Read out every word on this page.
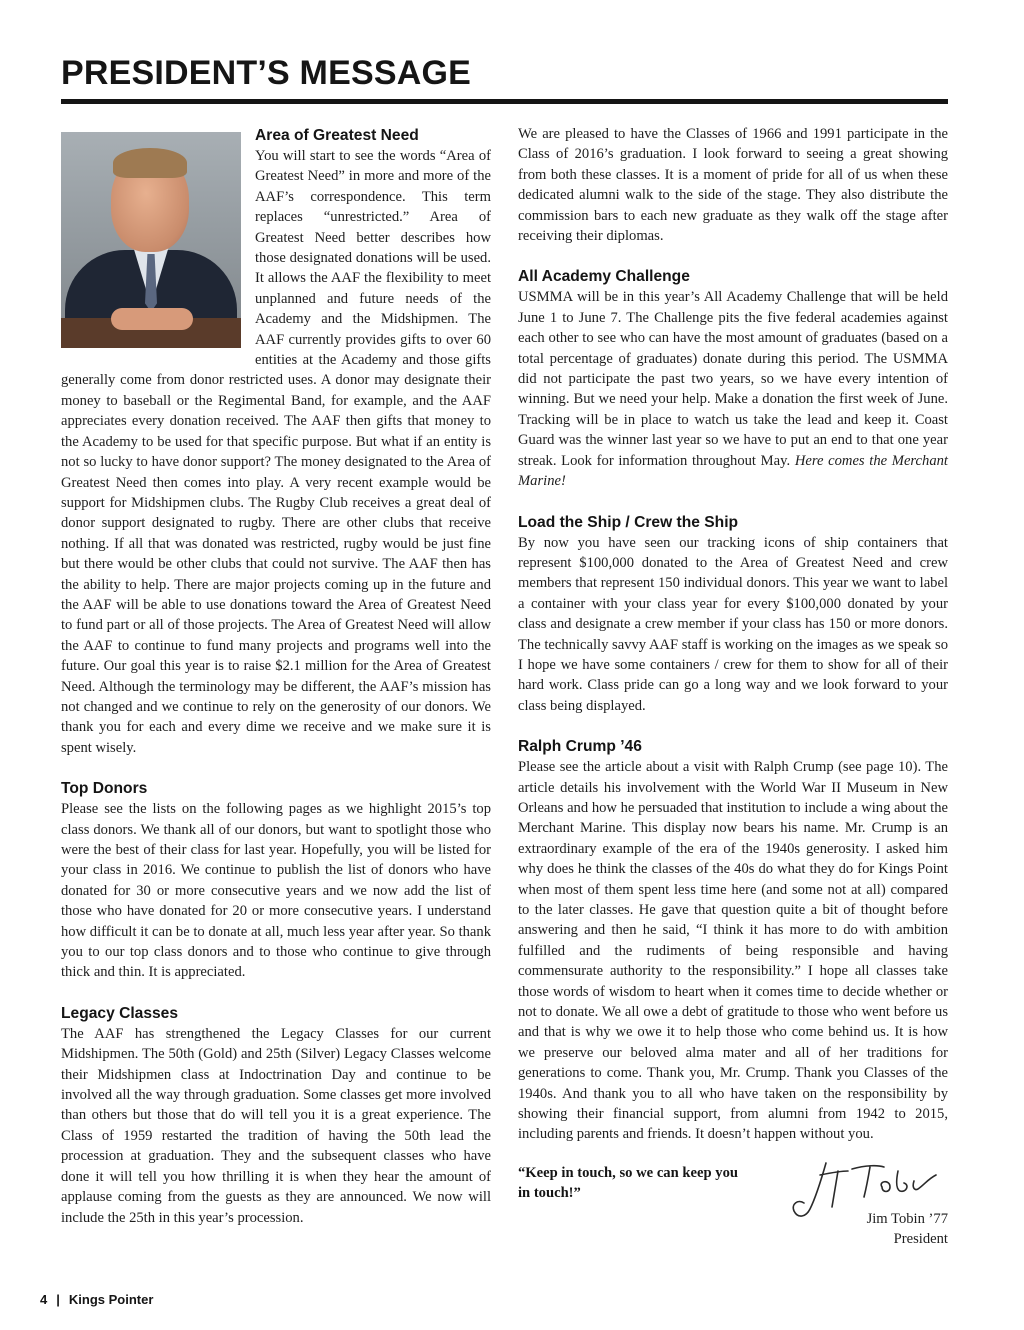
PRESIDENT’S MESSAGE
Area of Greatest Need

You will start to see the words “Area of Greatest Need” in more and more of the AAF’s correspondence. This term replaces “unrestricted.” Area of Greatest Need better describes how those designated donations will be used. It allows the AAF the flexibility to meet unplanned and future needs of the Academy and the Midshipmen. The AAF currently provides gifts to over 60 entities at the Academy and those gifts generally come from donor restricted uses. A donor may designate their money to baseball or the Regimental Band, for example, and the AAF appreciates every donation received. The AAF then gifts that money to the Academy to be used for that specific purpose. But what if an entity is not so lucky to have donor support? The money designated to the Area of Greatest Need then comes into play. A very recent example would be support for Midshipmen clubs. The Rugby Club receives a great deal of donor support designated to rugby. There are other clubs that receive nothing. If all that was donated was restricted, rugby would be just fine but there would be other clubs that could not survive. The AAF then has the ability to help. There are major projects coming up in the future and the AAF will be able to use donations toward the Area of Greatest Need to fund part or all of those projects. The Area of Greatest Need will allow the AAF to continue to fund many projects and programs well into the future. Our goal this year is to raise $2.1 million for the Area of Greatest Need. Although the terminology may be different, the AAF’s mission has not changed and we continue to rely on the generosity of our donors. We thank you for each and every dime we receive and we make sure it is spent wisely.

Top Donors

Please see the lists on the following pages as we highlight 2015’s top class donors. We thank all of our donors, but want to spotlight those who were the best of their class for last year. Hopefully, you will be listed for your class in 2016. We continue to publish the list of donors who have donated for 30 or more consecutive years and we now add the list of those who have donated for 20 or more consecutive years. I understand how difficult it can be to donate at all, much less year after year. So thank you to our top class donors and to those who continue to give through thick and thin. It is appreciated.

Legacy Classes

The AAF has strengthened the Legacy Classes for our current Midshipmen. The 50th (Gold) and 25th (Silver) Legacy Classes welcome their Midshipmen class at Indoctrination Day and continue to be involved all the way through graduation. Some classes get more involved than others but those that do will tell you it is a great experience. The Class of 1959 restarted the tradition of having the 50th lead the procession at graduation. They and the subsequent classes who have done it will tell you how thrilling it is when they hear the amount of applause coming from the guests as they are announced. We now will include the 25th in this year’s procession.

We are pleased to have the Classes of 1966 and 1991 participate in the Class of 2016’s graduation. I look forward to seeing a great showing from both these classes. It is a moment of pride for all of us when these dedicated alumni walk to the side of the stage. They also distribute the commission bars to each new graduate as they walk off the stage after receiving their diplomas.

All Academy Challenge

USMMA will be in this year’s All Academy Challenge that will be held June 1 to June 7. The Challenge pits the five federal academies against each other to see who can have the most amount of graduates (based on a total percentage of graduates) donate during this period. The USMMA did not participate the past two years, so we have every intention of winning. But we need your help. Make a donation the first week of June. Tracking will be in place to watch us take the lead and keep it. Coast Guard was the winner last year so we have to put an end to that one year streak. Look for information throughout May. Here comes the Merchant Marine!

Load the Ship / Crew the Ship

By now you have seen our tracking icons of ship containers that represent $100,000 donated to the Area of Greatest Need and crew members that represent 150 individual donors. This year we want to label a container with your class year for every $100,000 donated by your class and designate a crew member if your class has 150 or more donors. The technically savvy AAF staff is working on the images as we speak so I hope we have some containers / crew for them to show for all of their hard work. Class pride can go a long way and we look forward to your class being displayed.

Ralph Crump ’46

Please see the article about a visit with Ralph Crump (see page 10). The article details his involvement with the World War II Museum in New Orleans and how he persuaded that institution to include a wing about the Merchant Marine. This display now bears his name. Mr. Crump is an extraordinary example of the era of the 1940s generosity. I asked him why does he think the classes of the 40s do what they do for Kings Point when most of them spent less time here (and some not at all) compared to the later classes. He gave that question quite a bit of thought before answering and then he said, “I think it has more to do with ambition fulfilled and the rudiments of being responsible and having commensurate authority to the responsibility.” I hope all classes take those words of wisdom to heart when it comes time to decide whether or not to donate. We all owe a debt of gratitude to those who went before us and that is why we owe it to help those who come behind us. It is how we preserve our beloved alma mater and all of her traditions for generations to come. Thank you, Mr. Crump. Thank you Classes of the 1940s. And thank you to all who have taken on the responsibility by showing their financial support, from alumni from 1942 to 2015, including parents and friends. It doesn’t happen without you.

“Keep in touch, so we can keep you in touch!”

Jim Tobin ’77

President

4 | Kings Pointer
